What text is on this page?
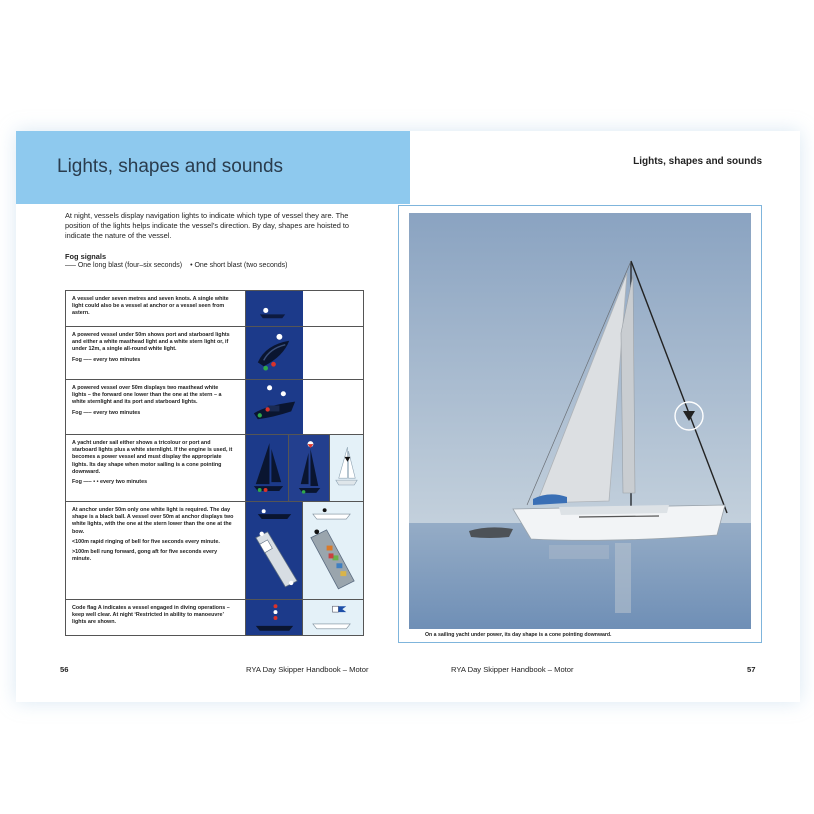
Lights, shapes and sounds
At night, vessels display navigation lights to indicate which type of vessel they are. The position of the lights helps indicate the vessel’s direction. By day, shapes are hoisted to indicate the nature of the vessel.
Fog signals
—– One long blast (four–six seconds) • One short blast (two seconds)

A vessel under seven metres and seven knots. A single white light could also be a vessel at anchor or a vessel seen from astern.

A powered vessel under 50m shows port and starboard lights and either a white masthead light and a white stern light or, if under 12m, a single all-round white light.

Fog —– every two minutes

A powered vessel over 50m displays two masthead white lights – the forward one lower than the one at the stern – a white sternlight and its port and starboard lights.

Fog —– every two minutes

A yacht under sail either shows a tricolour or port and starboard lights plus a white sternlight. If the engine is used, it becomes a power vessel and must display the appropriate lights. Its day shape when motor sailing is a cone pointing downward.

Fog —– • • every two minutes

At anchor under 50m only one white light is required. The day shape is a black ball. A vessel over 50m at anchor displays two white lights, with the one at the stern lower than the one at the bow.

<100m rapid ringing of bell for five seconds every minute.

>100m bell rung forward, gong aft for five seconds every minute.

Code flag A indicates a vessel engaged in diving operations – keep well clear. At night ‘Restricted in ability to manoeuvre’ lights are shown.

56	RYA Day Skipper Handbook – Motor
Lights, shapes and sounds
On a sailing yacht under power, its day shape is a cone pointing downward.
RYA Day Skipper Handbook – Motor	57
